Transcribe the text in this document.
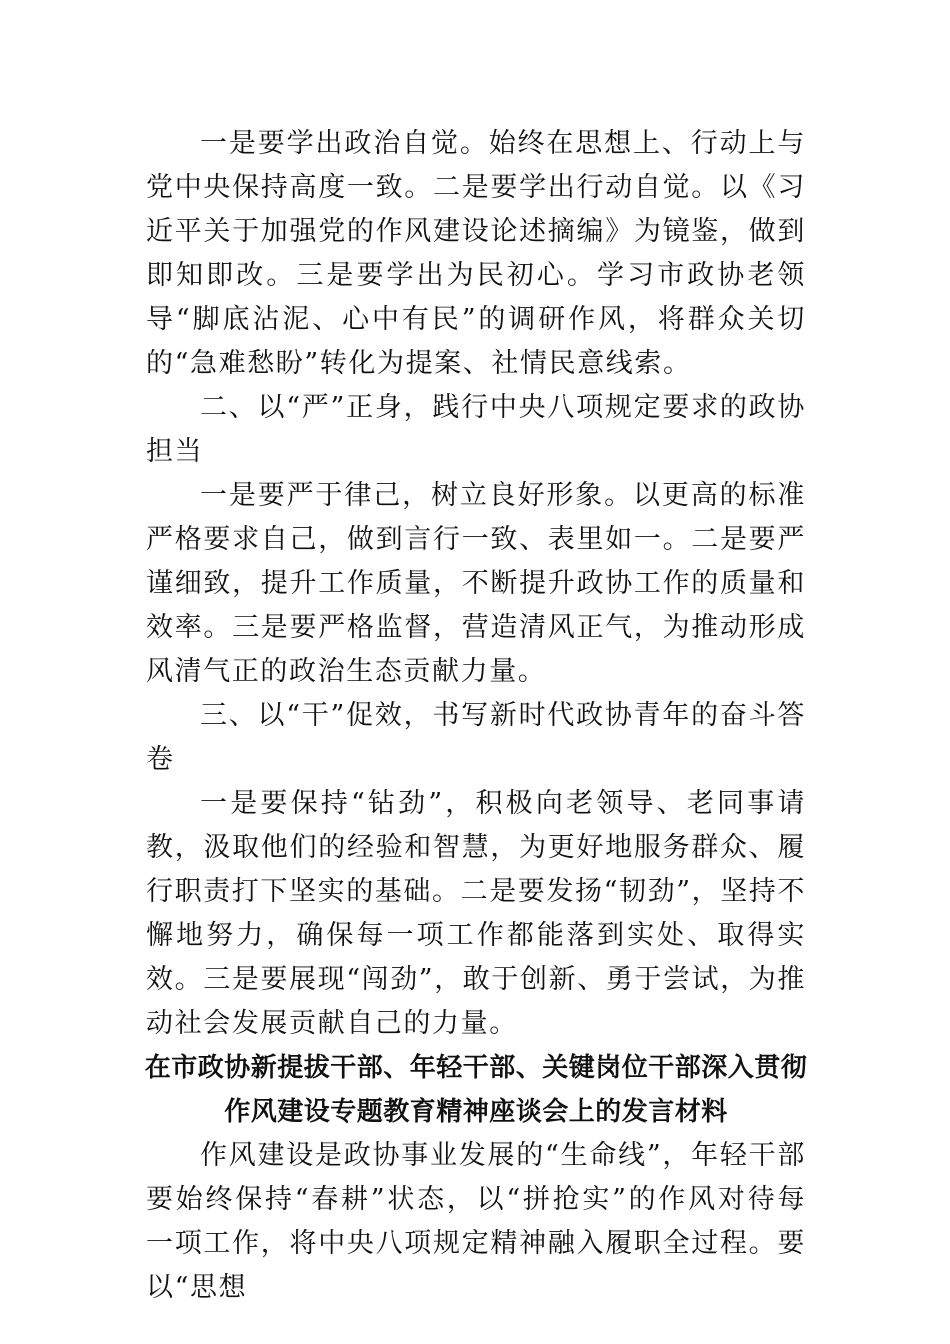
一是要学出政治自觉。始终在思想上、行动上与党中央保持高度一致。二是要学出行动自觉。以《习近平关于加强党的作风建设论述摘编》为镜鉴，做到即知即改。三是要学出为民初心。学习市政协老领导“脚底沾泥、心中有民”的调研作风，将群众关切的“急难愁盼”转化为提案、社情民意线索。

二、以“严”正身，践行中央八项规定要求的政协担当

一是要严于律己，树立良好形象。以更高的标准严格要求自己，做到言行一致、表里如一。二是要严谨细致，提升工作质量，不断提升政协工作的质量和效率。三是要严格监督，营造清风正气，为推动形成风清气正的政治生态贡献力量。

三、以“干”促效，书写新时代政协青年的奋斗答卷

一是要保持“钻劲”，积极向老领导、老同事请教，汲取他们的经验和智慧，为更好地服务群众、履行职责打下坚实的基础。二是要发扬“韧劲”，坚持不懈地努力，确保每一项工作都能落到实处、取得实效。三是要展现“闯劲”，敢于创新、勇于尝试，为推动社会发展贡献自己的力量。

在市政协新提拔干部、年轻干部、关键岗位干部深入贯彻
作风建设专题教育精神座谈会上的发言材料

作风建设是政协事业发展的“生命线”，年轻干部要始终保持“春耕”状态，以“拼抢实”的作风对待每一项工作，将中央八项规定精神融入履职全过程。要以“思想
